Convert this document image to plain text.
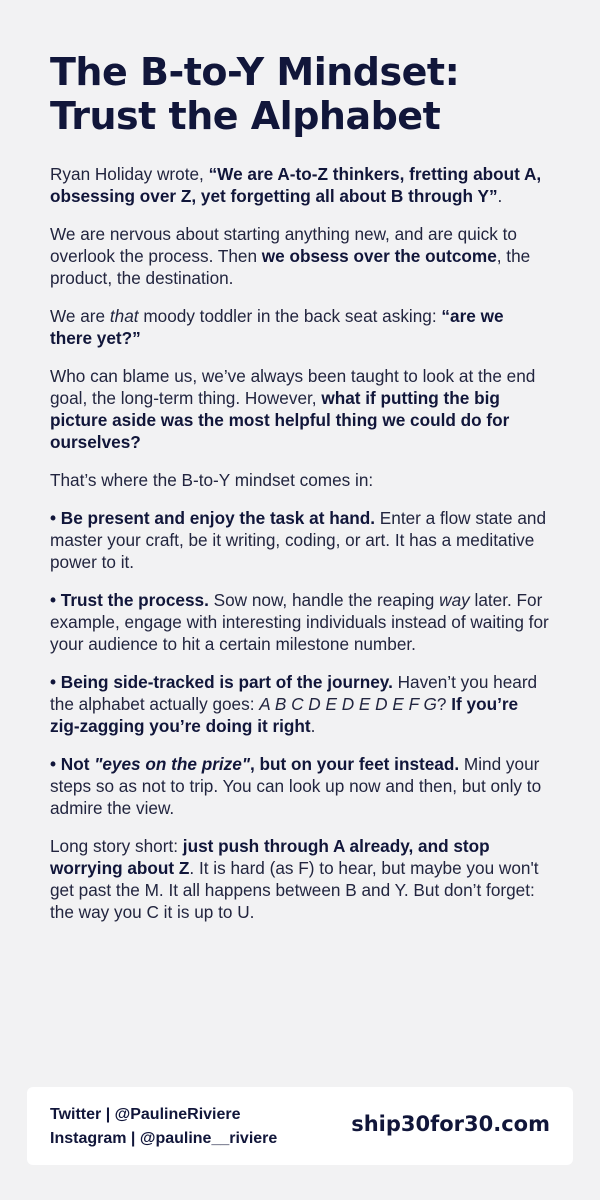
The B-to-Y Mindset:
Trust the Alphabet

Ryan Holiday wrote, “We are A-to-Z thinkers, fretting about A, obsessing over Z, yet forgetting all about B through Y”.

We are nervous about starting anything new, and are quick to overlook the process. Then we obsess over the outcome, the product, the destination.

We are that moody toddler in the back seat asking: “are we there yet?”

Who can blame us, we’ve always been taught to look at the end goal, the long-term thing. However, what if putting the big picture aside was the most helpful thing we could do for ourselves?

That’s where the B-to-Y mindset comes in:

• Be present and enjoy the task at hand. Enter a flow state and master your craft, be it writing, coding, or art. It has a meditative power to it.

• Trust the process. Sow now, handle the reaping way later. For example, engage with interesting individuals instead of waiting for your audience to hit a certain milestone number.

• Being side-tracked is part of the journey. Haven’t you heard the alphabet actually goes: A B C D E D E D E F G? If you’re zig-zagging you’re doing it right.

• Not "eyes on the prize", but on your feet instead. Mind your steps so as not to trip. You can look up now and then, but only to admire the view.

Long story short: just push through A already, and stop worrying about Z. It is hard (as F) to hear, but maybe you won't get past the M. It all happens between B and Y. But don’t forget: the way you C it is up to U.

Twitter | @PaulineRiviere
Instagram | @pauline__riviere
ship30for30.com
